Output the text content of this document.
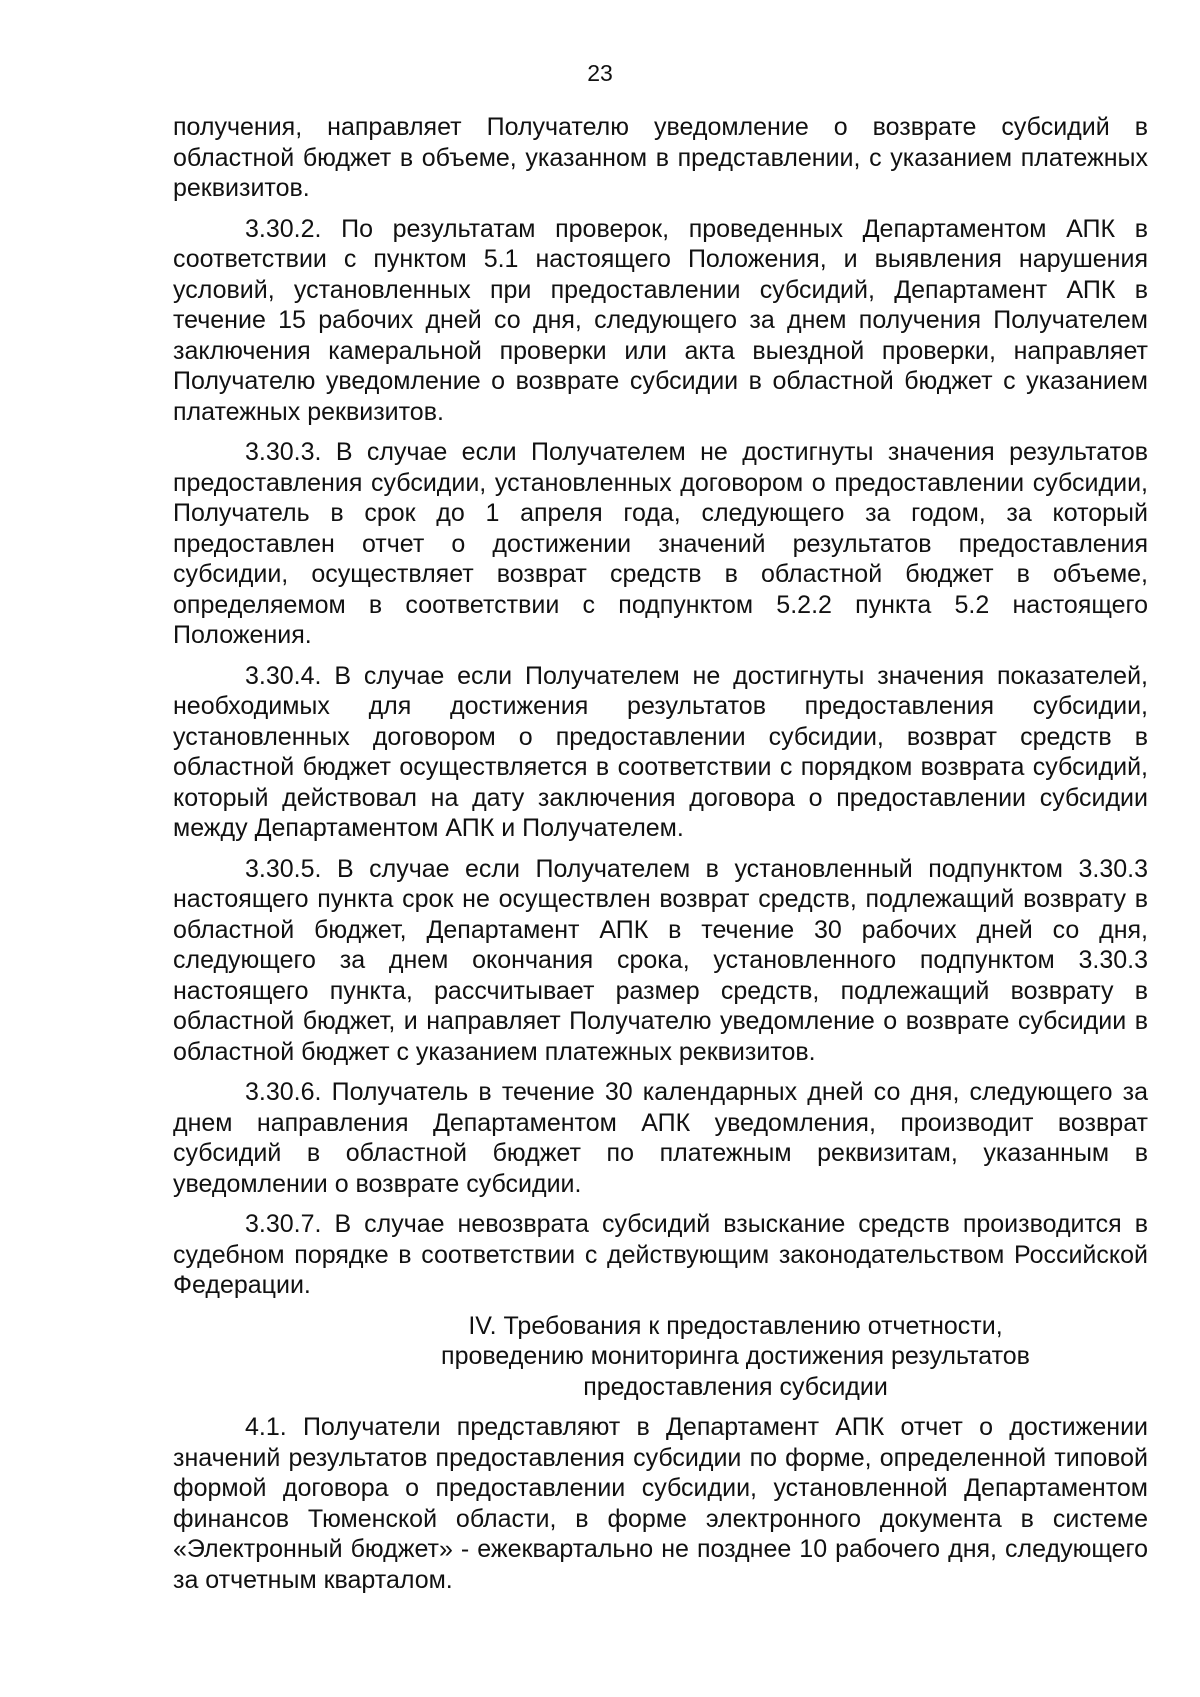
23

получения, направляет Получателю уведомление о возврате субсидий в областной бюджет в объеме, указанном в представлении, с указанием платежных реквизитов.

3.30.2. По результатам проверок, проведенных Департаментом АПК в соответствии с пунктом 5.1 настоящего Положения, и выявления нарушения условий, установленных при предоставлении субсидий, Департамент АПК в течение 15 рабочих дней со дня, следующего за днем получения Получателем заключения камеральной проверки или акта выездной проверки, направляет Получателю уведомление о возврате субсидии в областной бюджет с указанием платежных реквизитов.

3.30.3. В случае если Получателем не достигнуты значения результатов предоставления субсидии, установленных договором о предоставлении субсидии, Получатель в срок до 1 апреля года, следующего за годом, за который предоставлен отчет о достижении значений результатов предоставления субсидии, осуществляет возврат средств в областной бюджет в объеме, определяемом в соответствии с подпунктом 5.2.2 пункта 5.2 настоящего Положения.

3.30.4. В случае если Получателем не достигнуты значения показателей, необходимых для достижения результатов предоставления субсидии, установленных договором о предоставлении субсидии, возврат средств в областной бюджет осуществляется в соответствии с порядком возврата субсидий, который действовал на дату заключения договора о предоставлении субсидии между Департаментом АПК и Получателем.

3.30.5. В случае если Получателем в установленный подпунктом 3.30.3 настоящего пункта срок не осуществлен возврат средств, подлежащий возврату в областной бюджет, Департамент АПК в течение 30 рабочих дней со дня, следующего за днем окончания срока, установленного подпунктом 3.30.3 настоящего пункта, рассчитывает размер средств, подлежащий возврату в областной бюджет, и направляет Получателю уведомление о возврате субсидии в областной бюджет с указанием платежных реквизитов.

3.30.6. Получатель в течение 30 календарных дней со дня, следующего за днем направления Департаментом АПК уведомления, производит возврат субсидий в областной бюджет по платежным реквизитам, указанным в уведомлении о возврате субсидии.

3.30.7. В случае невозврата субсидий взыскание средств производится в судебном порядке в соответствии с действующим законодательством Российской Федерации.

IV. Требования к предоставлению отчетности,
проведению мониторинга достижения результатов
предоставления субсидии

4.1. Получатели представляют в Департамент АПК отчет о достижении значений результатов предоставления субсидии по форме, определенной типовой формой договора о предоставлении субсидии, установленной Департаментом финансов Тюменской области, в форме электронного документа в системе «Электронный бюджет» - ежеквартально не позднее 10 рабочего дня, следующего за отчетным кварталом.
